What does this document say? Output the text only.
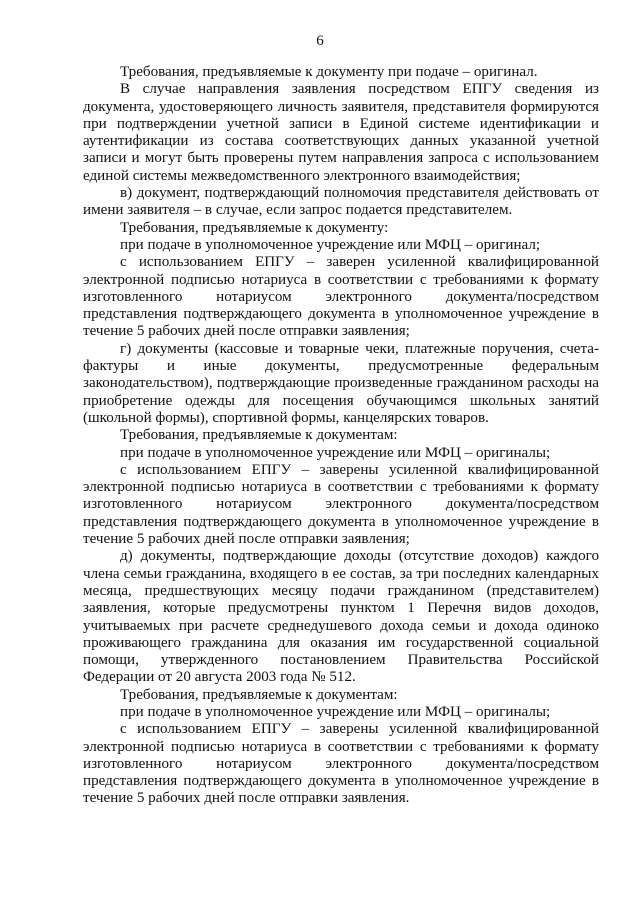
6

Требования, предъявляемые к документу при подаче – оригинал.

В случае направления заявления посредством ЕПГУ сведения из документа, удостоверяющего личность заявителя, представителя формируются при подтверждении учетной записи в Единой системе идентификации и аутентификации из состава соответствующих данных указанной учетной записи и могут быть проверены путем направления запроса с использованием единой системы межведомственного электронного взаимодействия;

в) документ, подтверждающий полномочия представителя действовать от имени заявителя – в случае, если запрос подается представителем.

Требования, предъявляемые к документу:

при подаче в уполномоченное учреждение или МФЦ – оригинал;

с использованием ЕПГУ – заверен усиленной квалифицированной электронной подписью нотариуса в соответствии с требованиями к формату изготовленного нотариусом электронного документа/посредством представления подтверждающего документа в уполномоченное учреждение в течение 5 рабочих дней после отправки заявления;

г) документы (кассовые и товарные чеки, платежные поручения, счета-фактуры и иные документы, предусмотренные федеральным законодательством), подтверждающие произведенные гражданином расходы на приобретение одежды для посещения обучающимся школьных занятий (школьной формы), спортивной формы, канцелярских товаров.

Требования, предъявляемые к документам:

при подаче в уполномоченное учреждение или МФЦ – оригиналы;

с использованием ЕПГУ – заверены усиленной квалифицированной электронной подписью нотариуса в соответствии с требованиями к формату изготовленного нотариусом электронного документа/посредством представления подтверждающего документа в уполномоченное учреждение в течение 5 рабочих дней после отправки заявления;

д) документы, подтверждающие доходы (отсутствие доходов) каждого члена семьи гражданина, входящего в ее состав, за три последних календарных месяца, предшествующих месяцу подачи гражданином (представителем) заявления, которые предусмотрены пунктом 1 Перечня видов доходов, учитываемых при расчете среднедушевого дохода семьи и дохода одиноко проживающего гражданина для оказания им государственной социальной помощи, утвержденного постановлением Правительства Российской Федерации от 20 августа 2003 года № 512.

Требования, предъявляемые к документам:

при подаче в уполномоченное учреждение или МФЦ – оригиналы;

с использованием ЕПГУ – заверены усиленной квалифицированной электронной подписью нотариуса в соответствии с требованиями к формату изготовленного нотариусом электронного документа/посредством представления подтверждающего документа в уполномоченное учреждение в течение 5 рабочих дней после отправки заявления.
